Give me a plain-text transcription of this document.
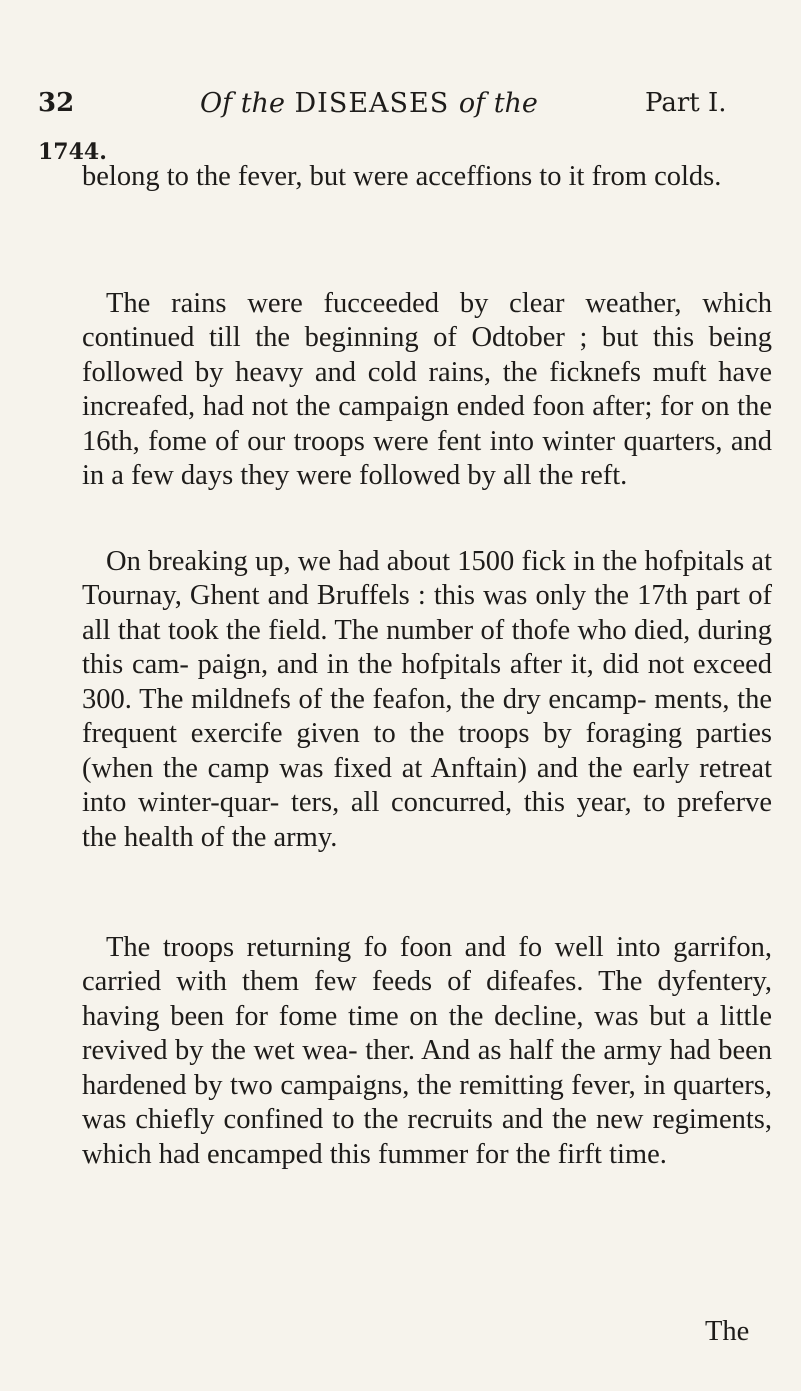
32	Of the DISEASES of the	Part I.
1744.

belong to the fever, but were acceffions to it from colds.

The rains were fucceeded by clear weather, which continued till the beginning of Odtober ; but this being followed by heavy and cold rains, the ficknefs muft have increafed, had not the campaign ended foon after; for on the 16th, fome of our troops were fent into winter quarters, and in a few days they were followed by all the reft.

On breaking up, we had about 1500 fick in the hofpitals at Tournay, Ghent and Bruffels : this was only the 17th part of all that took the field. The number of thofe who died, during this cam- paign, and in the hofpitals after it, did not exceed 300. The mildnefs of the feafon, the dry encamp- ments, the frequent exercife given to the troops by foraging parties (when the camp was fixed at Anftain) and the early retreat into winter-quar- ters, all concurred, this year, to preferve the health of the army.

The troops returning fo foon and fo well into garrifon, carried with them few feeds of difeafes. The dyfentery, having been for fome time on the decline, was but a little revived by the wet wea- ther. And as half the army had been hardened by two campaigns, the remitting fever, in quarters, was chiefly confined to the recruits and the new regiments, which had encamped this fummer for the firft time.

The
